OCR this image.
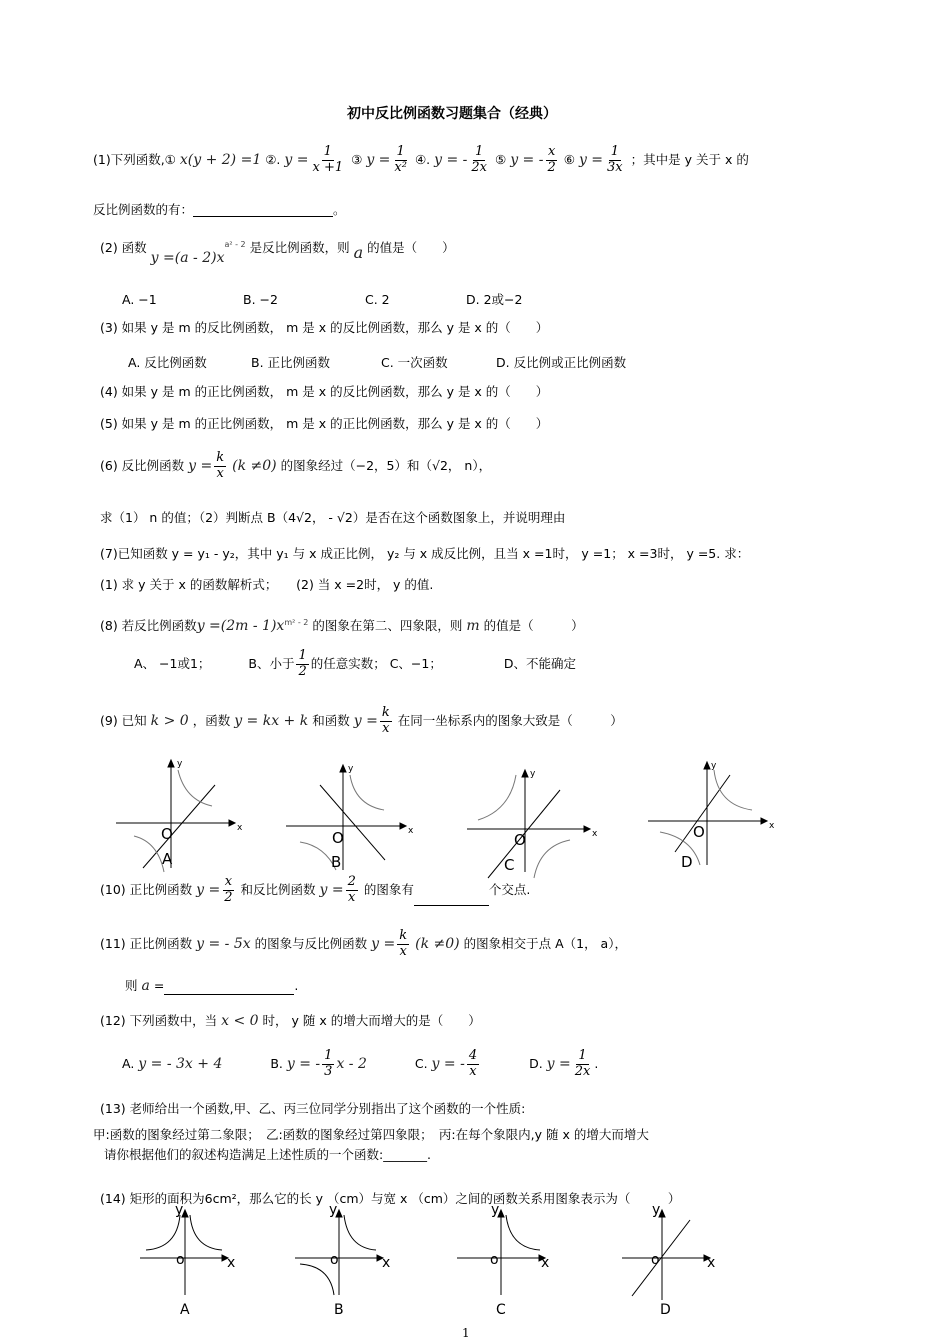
初中反比例函数习题集合（经典）
(1)下列函数,① x(y + 2) =1 ②. $y = \frac{1}{x +1}$ ③ $y = \frac{1}{\text{x²}}$ ④. y = - $\frac{1}{2x}$ ⑤ y = - $\frac{x}{2}$ ⑥ $y = \frac{1}{3x}$ ；其中是 y 关于 x 的
反比例函数的有：	。
(2) 函数 $y =(a - 2)x^{a^2 - 2}$ 是反比例函数，则 a 的值是（　　）
A. −1	B. −2	C. 2	D. 2或−2
(3) 如果 y 是 m 的反比例函数， m 是 x 的反比例函数，那么 y 是 x 的（　　）
A. 反比例函数	B. 正比例函数	C. 一次函数	D. 反比例或正比例函数
(4) 如果 y 是 m 的正比例函数， m 是 x 的反比例函数，那么 y 是 x 的（　　）
(5) 如果 y 是 m 的正比例函数， m 是 x 的正比例函数，那么 y 是 x 的（　　）
(6) 反比例函数 $y = \frac{k}{x} (k \ne 0)$ 的图象经过（−2，5）和（√2， n），
求（1） n 的值；（2）判断点 B（4√2， - √2）是否在这个函数图象上，并说明理由
(7)已知函数 y = y₁ - y₂，其中 y₁ 与 x 成正比例， y₂ 与 x 成反比例，且当 x =1时， y =1； x =3时， y =5. 求：
(1) 求 y 关于 x 的函数解析式；　　(2) 当 x =2时， y 的值.
(8) 若反比例函数$y =(2m - 1)x^{m^2 - 2}$ 的图象在第二、四象限，则 m 的值是（　　　）
A、 −1或1；	B、小于 $\frac{1}{2}$ 的任意实数； C、−1；	D、不能确定
(9) 已知 k > 0 ，函数 y = kx + k 和函数 $y = \frac{k}{x}$ 在同一坐标系内的图象大致是（　　　）
y
x
y
x
y
x
y
x
O
A
O
B
O
C
O
D
(10) 正比例函数 $y = \frac{x}{2}$ 和反比例函数 $y = \frac{2}{x}$ 的图象有	个交点.
(11) 正比例函数 y = - 5x 的图象与反比例函数 $y = \frac{k}{x} (k \ne 0)$ 的图象相交于点 A（1， a），
则 a =	.
(12) 下列函数中，当 x < 0 时， y 随 x 的增大而增大的是（　　）
A. y = - 3x + 4	B. y = - $\frac{1}{3}$ x - 2	C. y = - $\frac{4}{x}$	D. $y = \frac{1}{2x}$ .
(13) 老师给出一个函数,甲、乙、丙三位同学分别指出了这个函数的一个性质:
甲:函数的图象经过第二象限；　乙:函数的图象经过第四象限；　丙:在每个象限内,y 随 x 的增大而增大
请你根据他们的叙述构造满足上述性质的一个函数:_______.
(14) 矩形的面积为6cm²，那么它的长 y （cm）与宽 x （cm）之间的函数关系用图象表示为（　　　）
y
x
o
y
x
o
y
x
o
y
x
o
A	B	C	D
1
